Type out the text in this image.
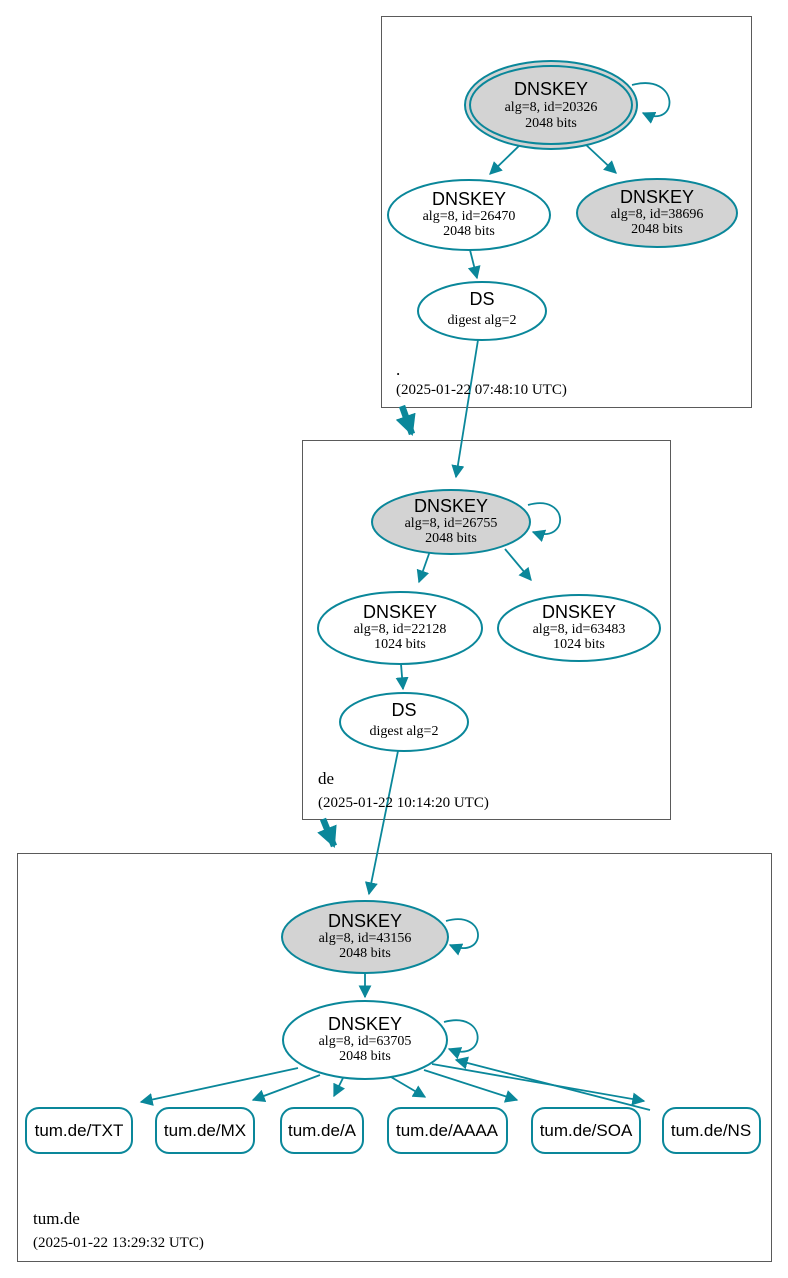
DNSKEY
alg=8, id=20326
2048 bits
DNSKEY
alg=8, id=26470
2048 bits
DNSKEY
alg=8, id=38696
2048 bits
DS
digest alg=2
.
(2025-01-22 07:48:10 UTC)
DNSKEY
alg=8, id=26755
2048 bits
DNSKEY
alg=8, id=22128
1024 bits
DNSKEY
alg=8, id=63483
1024 bits
DS
digest alg=2
de
(2025-01-22 10:14:20 UTC)
DNSKEY
alg=8, id=43156
2048 bits
DNSKEY
alg=8, id=63705
2048 bits
tum.de/TXT tum.de/MX tum.de/A tum.de/AAAA tum.de/SOA tum.de/NS
tum.de
(2025-01-22 13:29:32 UTC)
